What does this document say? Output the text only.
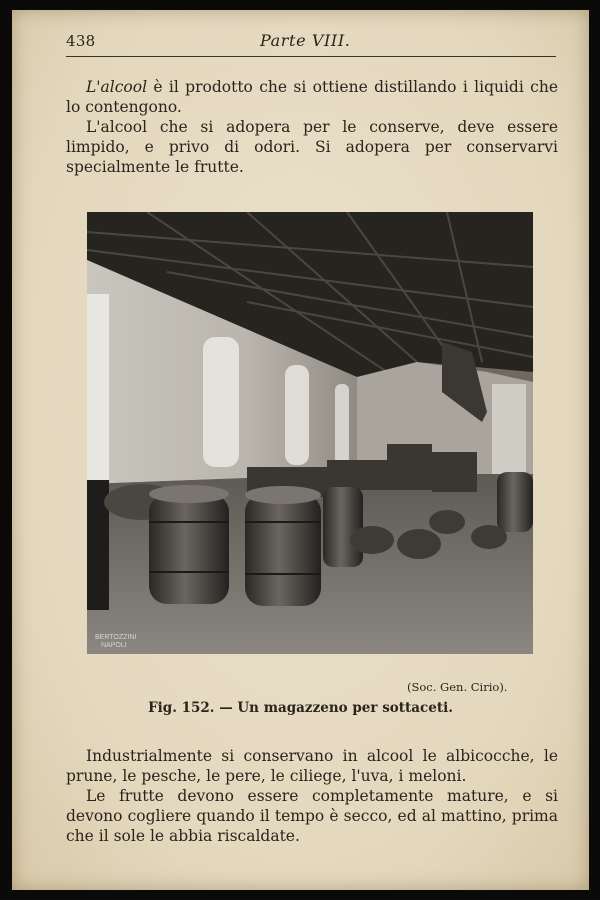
438	Parte VIII.

L'alcool è il prodotto che si ottiene distillando i liquidi che lo contengono.

L'alcool che si adopera per le conserve, deve essere limpido, e privo di odori. Si adopera per conservarvi specialmente le frutte.

BERTOZZINI
NAPOLI
(Soc. Gen. Cirio).
Fig. 152. — Un magazzeno per sottaceti.

Industrialmente si conservano in alcool le albicocche, le prune, le pesche, le pere, le ciliege, l'uva, i meloni.

Le frutte devono essere completamente mature, e si devono cogliere quando il tempo è secco, ed al mattino, prima che il sole le abbia riscaldate.
